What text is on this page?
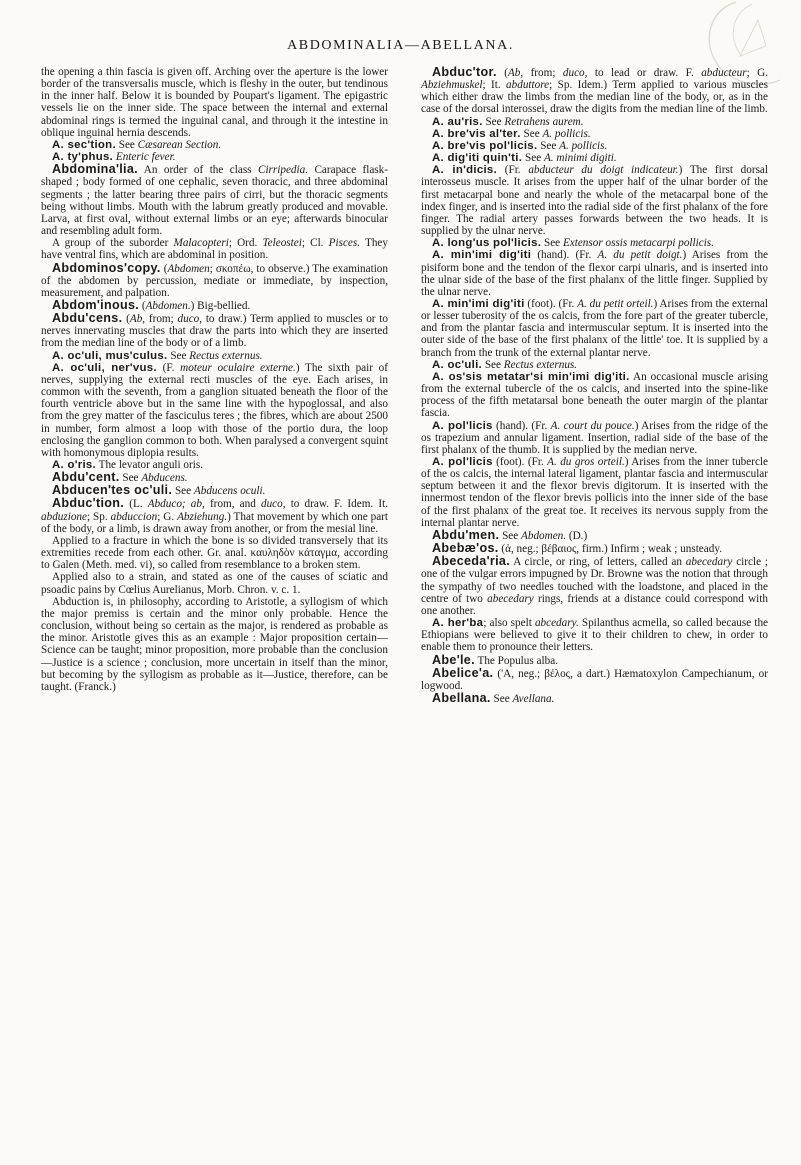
ABDOMINALIA—ABELLANA.

the opening a thin fascia is given off. Arching over the aperture is the lower border of the transversalis muscle, which is fleshy in the outer, but tendinous in the inner half. Below it is bounded by Poupart's ligament. The epigastric vessels lie on the inner side. The space between the internal and external abdominal rings is termed the inguinal canal, and through it the intestine in oblique inguinal hernia descends.

A. sec'tion. See Cæsarean Section.

A. ty'phus. Enteric fever.

Abdomina'lia. An order of the class Cirripedia. Carapace flask-shaped ; body formed of one cephalic, seven thoracic, and three abdominal segments ; the latter bearing three pairs of cirri, but the thoracic segments being without limbs. Mouth with the labrum greatly produced and movable. Larva, at first oval, without external limbs or an eye; afterwards binocular and resembling adult form.

A group of the suborder Malacopteri; Ord. Teleostei; Cl. Pisces. They have ventral fins, which are abdominal in position.

Abdominos'copy. (Abdomen; σκοπέω, to observe.) The examination of the abdomen by percussion, mediate or immediate, by inspection, measurement, and palpation.

Abdom'inous. (Abdomen.) Big-bellied.

Abdu'cens. (Ab, from; duco, to draw.) Term applied to muscles or to nerves innervating muscles that draw the parts into which they are inserted from the median line of the body or of a limb.

A. oc'uli, mus'culus. See Rectus externus.

A. oc'uli, ner'vus. (F. moteur oculaire externe.) The sixth pair of nerves, supplying the external recti muscles of the eye. Each arises, in common with the seventh, from a ganglion situated beneath the floor of the fourth ventricle above but in the same line with the hypoglossal, and also from the grey matter of the fasciculus teres ; the fibres, which are about 2500 in number, form almost a loop with those of the portio dura, the loop enclosing the ganglion common to both. When paralysed a convergent squint with homonymous diplopia results.

A. o'ris. The levator anguli oris.

Abdu'cent. See Abducens.

Abducen'tes oc'uli. See Abducens oculi.

Abduc'tion. (L. Abduco; ab, from, and duco, to draw. F. Idem. It. abduzione; Sp. abduccion; G. Abziehung.) That movement by which one part of the body, or a limb, is drawn away from another, or from the mesial line.

Applied to a fracture in which the bone is so divided transversely that its extremities recede from each other. Gr. anal. καυληδὸν κάταγμα, according to Galen (Meth. med. vi), so called from resemblance to a broken stem.

Applied also to a strain, and stated as one of the causes of sciatic and psoadic pains by Cœlius Aurelianus, Morb. Chron. v. c. 1.

Abduction is, in philosophy, according to Aristotle, a syllogism of which the major premiss is certain and the minor only probable. Hence the conclusion, without being so certain as the major, is rendered as probable as the minor. Aristotle gives this as an example : Major proposition certain—Science can be taught; minor proposition, more probable than the conclusion—Justice is a science ; conclusion, more uncertain in itself than the minor, but becoming by the syllogism as probable as it—Justice, therefore, can be taught. (Franck.)

Abduc'tor. (Ab, from; duco, to lead or draw. F. abducteur; G. Abziehmuskel; It. abduttore; Sp. Idem.) Term applied to various muscles which either draw the limbs from the median line of the body, or, as in the case of the dorsal interossei, draw the digits from the median line of the limb.

A. au'ris. See Retrahens aurem.

A. bre'vis al'ter. See A. pollicis.

A. bre'vis pol'licis. See A. pollicis.

A. dig'iti quin'ti. See A. minimi digiti.

A. in'dicis. (Fr. abducteur du doigt indicateur.) The first dorsal interosseus muscle. It arises from the upper half of the ulnar border of the first metacarpal bone and nearly the whole of the metacarpal bone of the index finger, and is inserted into the radial side of the first phalanx of the fore finger. The radial artery passes forwards between the two heads. It is supplied by the ulnar nerve.

A. long'us pol'licis. See Extensor ossis metacarpi pollicis.

A. min'imi dig'iti (hand). (Fr. A. du petit doigt.) Arises from the pisiform bone and the tendon of the flexor carpi ulnaris, and is inserted into the ulnar side of the base of the first phalanx of the little finger. Supplied by the ulnar nerve.

A. min'imi dig'iti (foot). (Fr. A. du petit orteil.) Arises from the external or lesser tuberosity of the os calcis, from the fore part of the greater tubercle, and from the plantar fascia and intermuscular septum. It is inserted into the outer side of the base of the first phalanx of the little' toe. It is supplied by a branch from the trunk of the external plantar nerve.

A. oc'uli. See Rectus externus.

A. os'sis metatar'si min'imi dig'iti. An occasional muscle arising from the external tubercle of the os calcis, and inserted into the spine-like process of the fifth metatarsal bone beneath the outer margin of the plantar fascia.

A. pol'licis (hand). (Fr. A. court du pouce.) Arises from the ridge of the os trapezium and annular ligament. Insertion, radial side of the base of the first phalanx of the thumb. It is supplied by the median nerve.

A. pol'licis (foot). (Fr. A. du gros orteil.) Arises from the inner tubercle of the os calcis, the internal lateral ligament, plantar fascia and intermuscular septum between it and the flexor brevis digitorum. It is inserted with the innermost tendon of the flexor brevis pollicis into the inner side of the base of the first phalanx of the great toe. It receives its nervous supply from the internal plantar nerve.

Abdu'men. See Abdomen. (D.)

Abebæ'os. (ἀ, neg.; βέβαιος, firm.) Infirm ; weak ; unsteady.

Abeceda'ria. A circle, or ring, of letters, called an abecedary circle ; one of the vulgar errors impugned by Dr. Browne was the notion that through the sympathy of two needles touched with the loadstone, and placed in the centre of two abecedary rings, friends at a distance could correspond with one another.

A. her'ba; also spelt abcedary. Spilanthus acmella, so called because the Ethiopians were believed to give it to their children to chew, in order to enable them to pronounce their letters.

Abe'le. The Populus alba.

Abelice'a. ('A, neg.; βέλος, a dart.) Hæmatoxylon Campechianum, or logwood.

Abellana. See Avellana.
